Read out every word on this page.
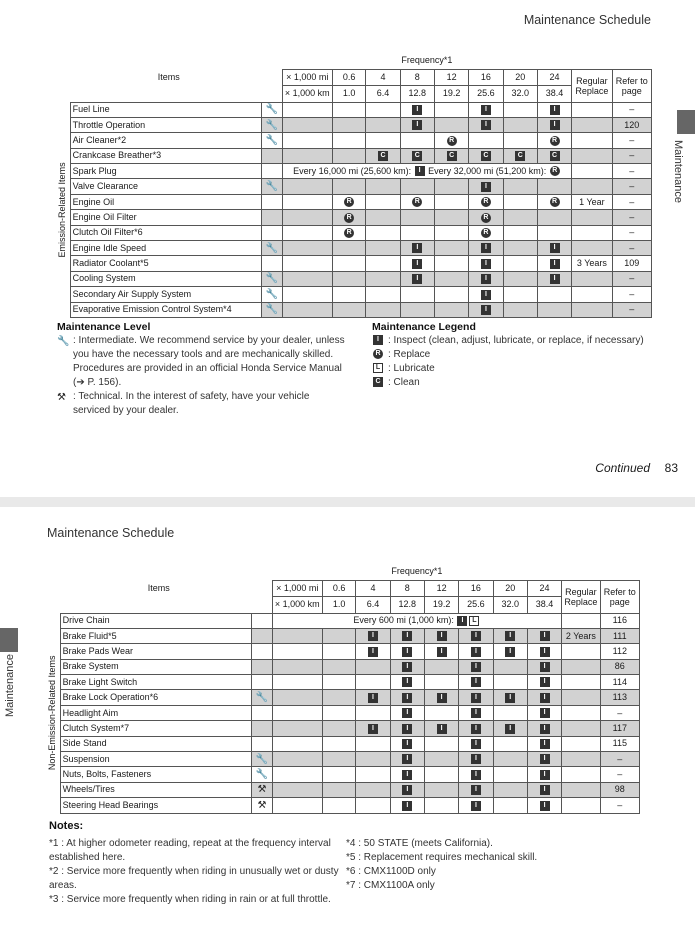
Maintenance Schedule
Maintenance
Items			Frequency*1									
			× 1,000 mi	0.6	4	8	12	16	20	24	Regular Replace	Refer to page
			× 1,000 km	1.0	6.4	12.8	19.2	25.6	32.0	38.4		

Emission-Related Items	Fuel Line	🔧				I		I		I		–
	Throttle Operation	🔧				I		I		I		120
	Air Cleaner*2	🔧					R			R		–
	Crankcase Breather*3				C	C	C	C	C	C		–
	Spark Plug		Every 16,000 mi (25,600 km): I Every 32,000 mi (51,200 km): R									–
	Valve Clearance	🔧						I				–
	Engine Oil			R		R		R		R	1 Year	–
	Engine Oil Filter			R				R				–
	Clutch Oil Filter*6			R				R				–
	Engine Idle Speed	🔧				I		I		I		–
	Radiator Coolant*5					I		I		I	3 Years	109
	Cooling System	🔧				I		I		I		–
	Secondary Air Supply System	🔧						I				–
	Evaporative Emission Control System*4	🔧						I				–
Maintenance Level
🔧 : Intermediate. We recommend service by your dealer, unless you have the necessary tools and are mechanically skilled.
Procedures are provided in an official Honda Service Manual (➔ P. 156).
⚒ : Technical. In the interest of safety, have your vehicle serviced by your dealer.
Maintenance Legend
I : Inspect (clean, adjust, lubricate, or replace, if necessary)
R : Replace
L : Lubricate
C : Clean
Continued 83
Maintenance Schedule
Maintenance
Items			Frequency*1									
			× 1,000 mi	0.6	4	8	12	16	20	24	Regular Replace	Refer to page
			× 1,000 km	1.0	6.4	12.8	19.2	25.6	32.0	38.4		

Non-Emission-Related Items	Drive Chain		Every 600 mi (1,000 km): I L									116
	Brake Fluid*5				I	I	I	I	I	I	2 Years	111
	Brake Pads Wear				I	I	I	I	I	I		112
	Brake System					I		I		I		86
	Brake Light Switch					I		I		I		114
	Brake Lock Operation*6	🔧			I	I	I	I	I	I		113
	Headlight Aim					I		I		I		–
	Clutch System*7				I	I	I	I	I	I		117
	Side Stand					I		I		I		115
	Suspension	🔧				I		I		I		–
	Nuts, Bolts, Fasteners	🔧				I		I		I		–
	Wheels/Tires	⚒				I		I		I		98
	Steering Head Bearings	⚒				I		I		I		–
Notes:

*1 : At higher odometer reading, repeat at the frequency interval established here.

*2 : Service more frequently when riding in unusually wet or dusty areas.

*3 : Service more frequently when riding in rain or at full throttle.

*4 : 50 STATE (meets California).

*5 : Replacement requires mechanical skill.

*6 : CMX1100D only

*7 : CMX1100A only
